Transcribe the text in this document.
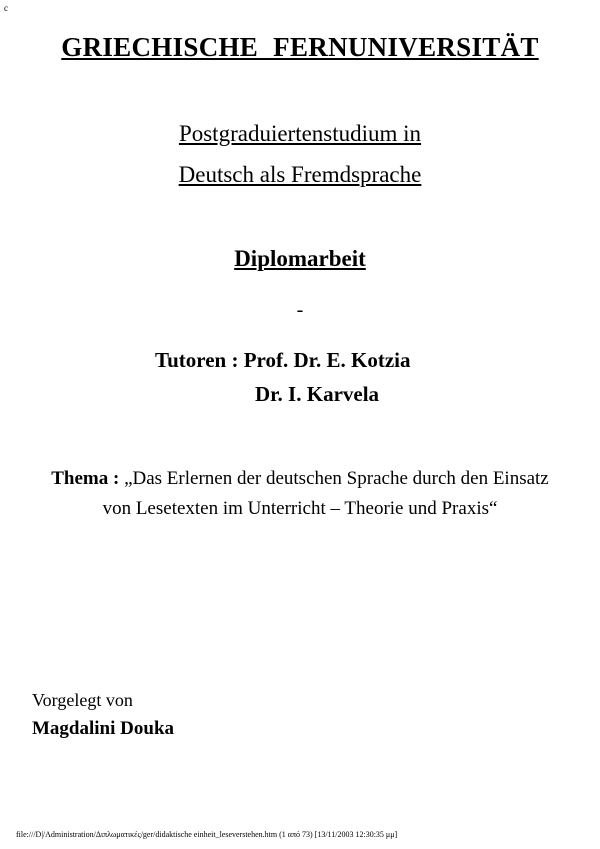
c
GRIECHISCHE FERNUNIVERSITÄT
Postgraduiertenstudium in
Deutsch als Fremdsprache
Diplomarbeit
-
Tutoren : Prof. Dr. E. Kotzia
Dr. I. Karvela
Thema : „Das Erlernen der deutschen Sprache durch den Einsatz
von Lesetexten im Unterricht – Theorie und Praxis“
Vorgelegt von
Magdalini Douka
file:///D|/Administration/Διπλωματικές/ger/didaktische einheit_leseverstehen.htm (1 από 73) [13/11/2003 12:30:35 μμ]
